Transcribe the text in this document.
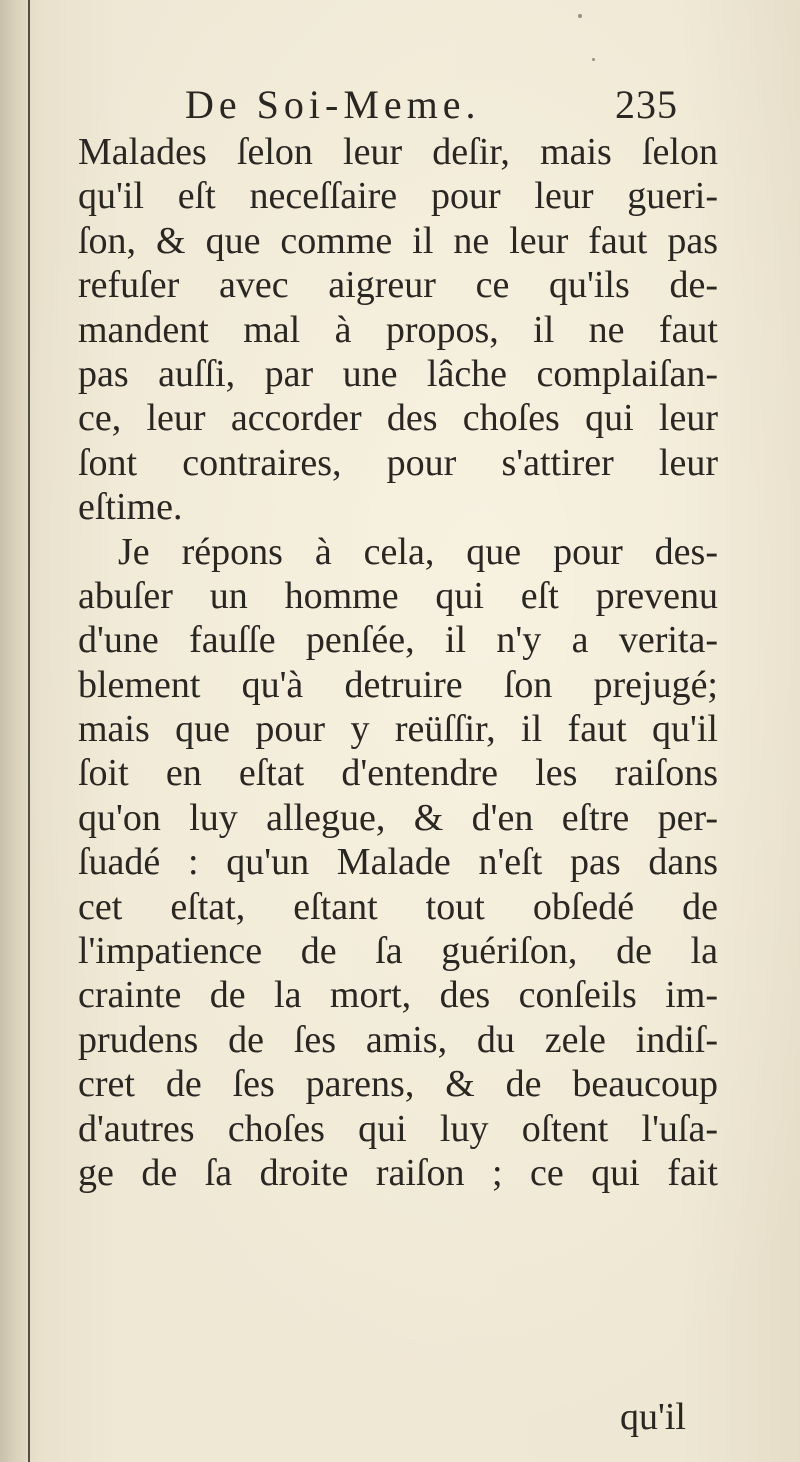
De Soi-Meme.	235
Malades ſelon leur deſir, mais ſelon
qu'il eſt neceſſaire pour leur gueri-
ſon, & que comme il ne leur faut pas
refuſer avec aigreur ce qu'ils de-
mandent mal à propos, il ne faut
pas auſſi, par une lâche complaiſan-
ce, leur accorder des choſes qui leur
ſont contraires, pour s'attirer leur
eſtime.
Je répons à cela, que pour des-
abuſer un homme qui eſt prevenu
d'une fauſſe penſée, il n'y a verita-
blement qu'à detruire ſon prejugé;
mais que pour y reüſſir, il faut qu'il
ſoit en eſtat d'entendre les raiſons
qu'on luy allegue, & d'en eſtre per-
ſuadé : qu'un Malade n'eſt pas dans
cet eſtat, eſtant tout obſedé de
l'impatience de ſa guériſon, de la
crainte de la mort, des conſeils im-
prudens de ſes amis, du zele indiſ-
cret de ſes parens, & de beaucoup
d'autres choſes qui luy oſtent l'uſa-
ge de ſa droite raiſon ; ce qui fait
qu'il
